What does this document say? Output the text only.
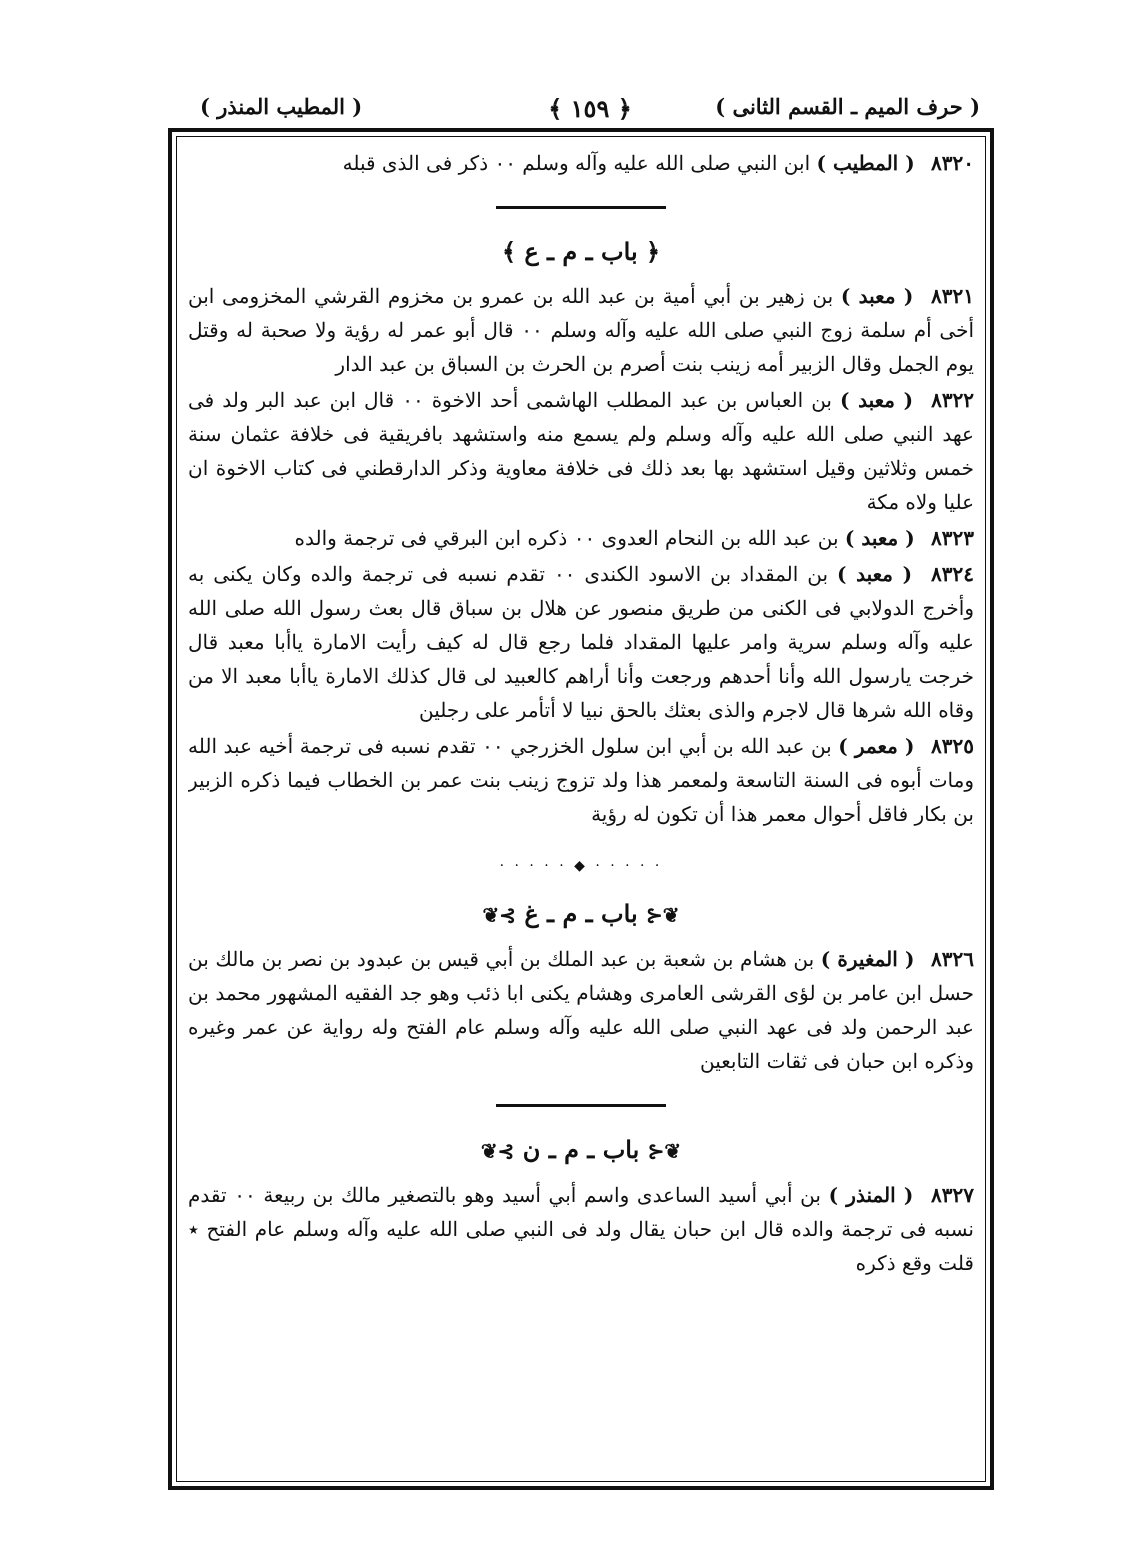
( حرف الميم ـ القسم الثانى )
﴿ ١٥٩ ﴾
( المطيب المنذر )

٨٣٢٠ ( المطيب ) ابن النبي صلى الله عليه وآله وسلم ٠٠ ذكر فى الذى قبله

﴿ باب ـ م ـ ع ﴾

٨٣٢١ ( معبد ) بن زهير بن أبي أمية بن عبد الله بن عمرو بن مخزوم القرشي المخزومى ابن أخى أم سلمة زوج النبي صلى الله عليه وآله وسلم ٠٠ قال أبو عمر له رؤية ولا صحبة له وقتل يوم الجمل وقال الزبير أمه زينب بنت أصرم بن الحرث بن السباق بن عبد الدار

٨٣٢٢ ( معبد ) بن العباس بن عبد المطلب الهاشمى أحد الاخوة ٠٠ قال ابن عبد البر ولد فى عهد النبي صلى الله عليه وآله وسلم ولم يسمع منه واستشهد بافريقية فى خلافة عثمان سنة خمس وثلاثين وقيل استشهد بها بعد ذلك فى خلافة معاوية وذكر الدارقطني فى كتاب الاخوة ان عليا ولاه مكة

٨٣٢٣ ( معبد ) بن عبد الله بن النحام العدوى ٠٠ ذكره ابن البرقي فى ترجمة والده

٨٣٢٤ ( معبد ) بن المقداد بن الاسود الكندى ٠٠ تقدم نسبه فى ترجمة والده وكان يكنى به وأخرج الدولابي فى الكنى من طريق منصور عن هلال بن سباق قال بعث رسول الله صلى الله عليه وآله وسلم سرية وامر عليها المقداد فلما رجع قال له كيف رأيت الامارة ياأبا معبد قال خرجت يارسول الله وأنا أحدهم ورجعت وأنا أراهم كالعبيد لى قال كذلك الامارة ياأبا معبد الا من وقاه الله شرها قال لاجرم والذى بعثك بالحق نبيا لا أتأمر على رجلين

٨٣٢٥ ( معمر ) بن عبد الله بن أبي ابن سلول الخزرجي ٠٠ تقدم نسبه فى ترجمة أخيه عبد الله ومات أبوه فى السنة التاسعة ولمعمر هذا ولد تزوج زينب بنت عمر بن الخطاب فيما ذكره الزبير بن بكار فاقل أحوال معمر هذا أن تكون له رؤية

· · · · · ◆ · · · · ·
❦⊰ باب ـ م ـ غ ⊱❦

٨٣٢٦ ( المغيرة ) بن هشام بن شعبة بن عبد الملك بن أبي قيس بن عبدود بن نصر بن مالك بن حسل ابن عامر بن لؤى القرشى العامرى وهشام يكنى ابا ذئب وهو جد الفقيه المشهور محمد بن عبد الرحمن ولد فى عهد النبي صلى الله عليه وآله وسلم عام الفتح وله رواية عن عمر وغيره وذكره ابن حبان فى ثقات التابعين

❦⊰ باب ـ م ـ ن ⊱❦

٨٣٢٧ ( المنذر ) بن أبي أسيد الساعدى واسم أبي أسيد وهو بالتصغير مالك بن ربيعة ٠٠ تقدم نسبه فى ترجمة والده قال ابن حبان يقال ولد فى النبي صلى الله عليه وآله وسلم عام الفتح ٭ قلت وقع ذكره
